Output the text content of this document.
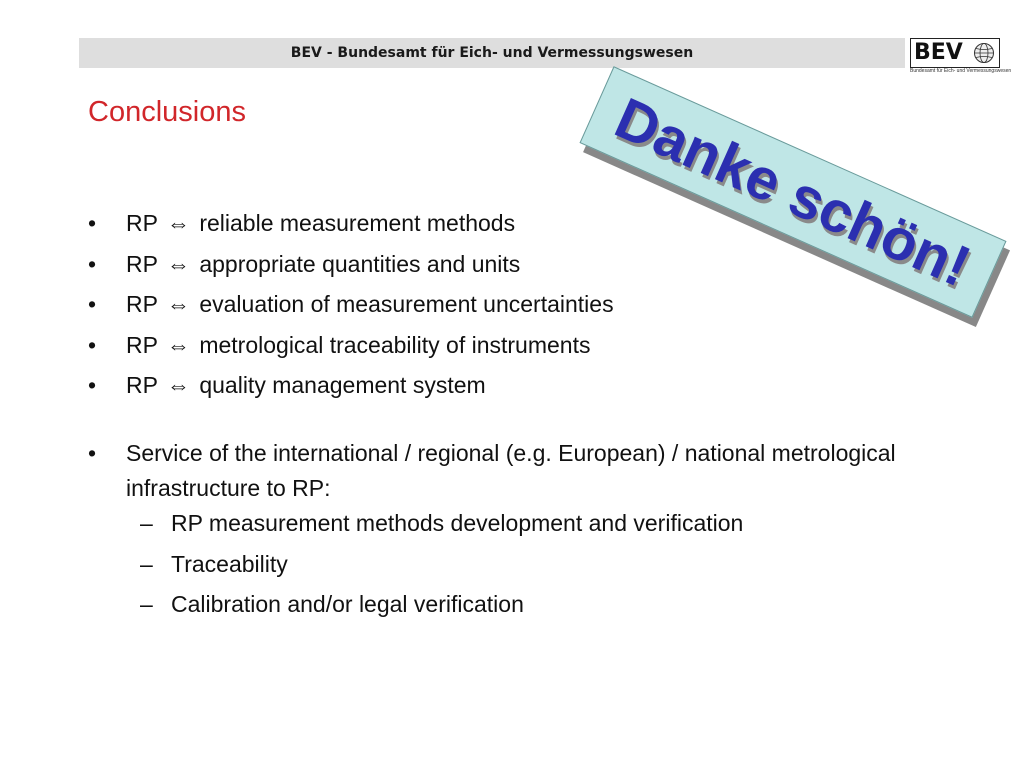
BEV - Bundesamt für Eich- und Vermessungswesen	BEV
Bundesamt für Eich- und Vermessungswesen
Conclusions	Danke schön!
• RP ⇔ reliable measurement methods
• RP ⇔ appropriate quantities and units
• RP ⇔ evaluation of measurement uncertainties
• RP ⇔ metrological traceability of instruments
• RP ⇔ quality management system
• Service of the international / regional (e.g. European) / national metrological infrastructure to RP:
– RP measurement methods development and verification
– Traceability
– Calibration and/or legal verification
